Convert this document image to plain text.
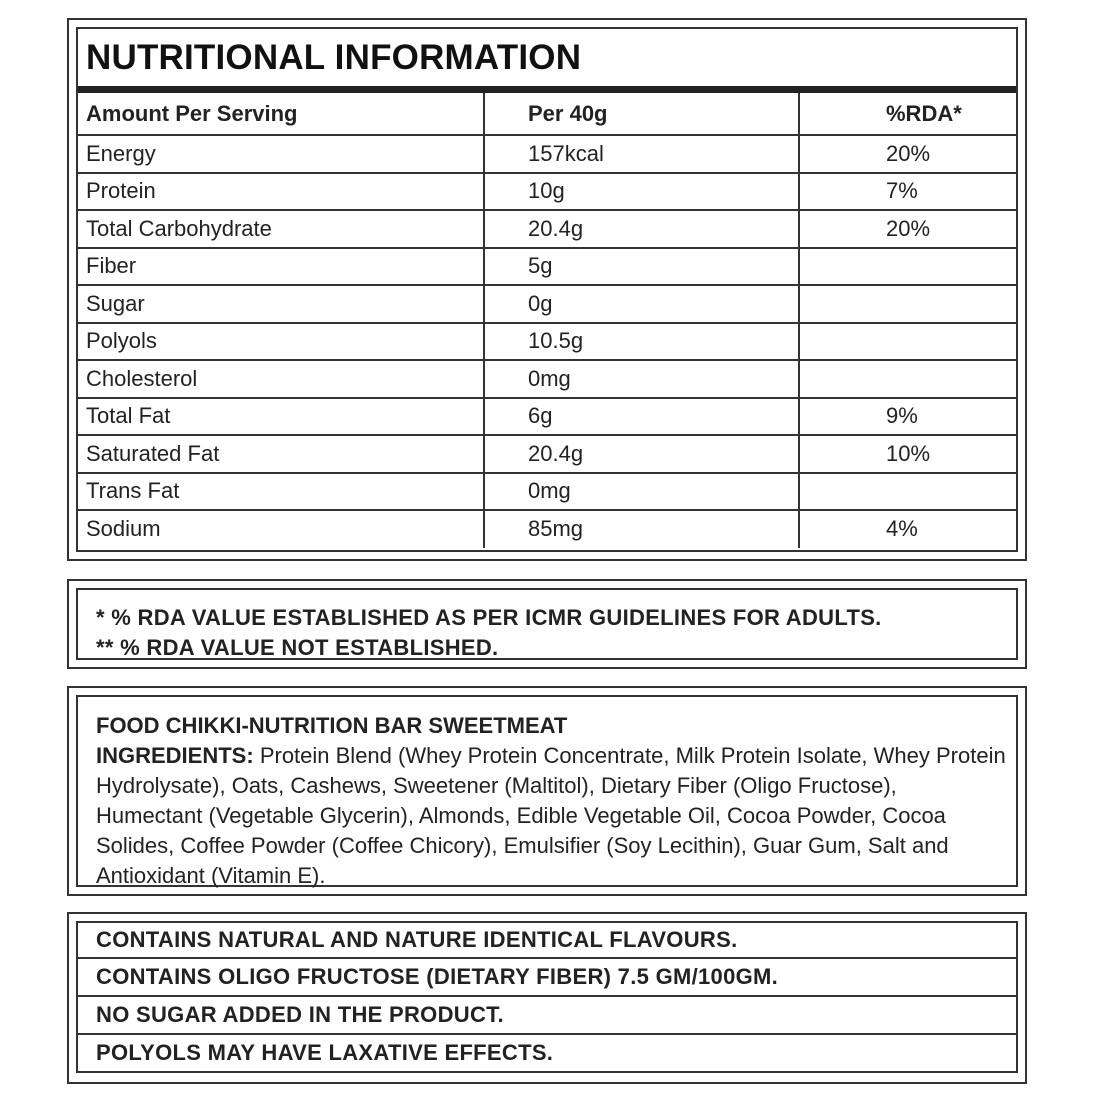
NUTRITIONAL INFORMATION
Amount Per Serving	Per 40g	%RDA*
Energy	157kcal	20%
Protein	10g	7%
Total Carbohydrate	20.4g	20%
Fiber	5g	
Sugar	0g	
Polyols	10.5g	
Cholesterol	0mg	
Total Fat	6g	9%
Saturated Fat	20.4g	10%
Trans Fat	0mg	
Sodium	85mg	4%

* % RDA VALUE ESTABLISHED AS PER ICMR GUIDELINES FOR ADULTS.

** % RDA VALUE NOT ESTABLISHED.

FOOD CHIKKI-NUTRITION BAR SWEETMEAT

INGREDIENTS: Protein Blend (Whey Protein Concentrate, Milk Protein Isolate, Whey Protein Hydrolysate), Oats, Cashews, Sweetener (Maltitol), Dietary Fiber (Oligo Fructose), Humectant (Vegetable Glycerin), Almonds, Edible Vegetable Oil, Cocoa Powder, Cocoa Solides, Coffee Powder (Coffee Chicory), Emulsifier (Soy Lecithin), Guar Gum, Salt and Antioxidant (Vitamin E).

CONTAINS NATURAL AND NATURE IDENTICAL FLAVOURS.
CONTAINS OLIGO FRUCTOSE (DIETARY FIBER) 7.5 GM/100GM.
NO SUGAR ADDED IN THE PRODUCT.
POLYOLS MAY HAVE LAXATIVE EFFECTS.
